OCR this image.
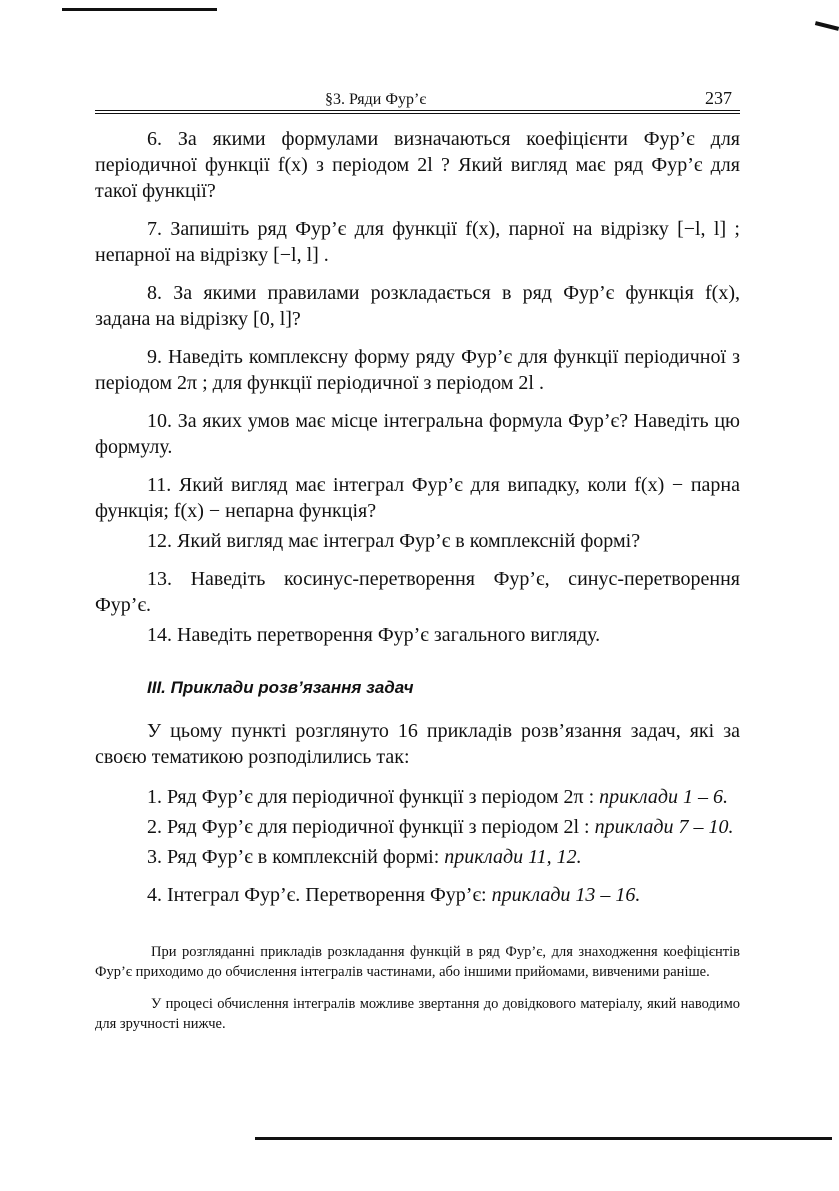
§3. Ряди Фур’є	237

6. За якими формулами визначаються коефіцієнти Фур’є для періодичної функції f(x) з періодом 2l ? Який вигляд має ряд Фур’є для такої функції?

7. Запишіть ряд Фур’є для функції f(x), парної на відрізку [−l, l] ; непарної на відрізку [−l, l] .

8. За якими правилами розкладається в ряд Фур’є функція f(x), задана на відрізку [0, l]?

9. Наведіть комплексну форму ряду Фур’є для функції періодичної з періодом 2π ; для функції періодичної з періодом 2l .

10. За яких умов має місце інтегральна формула Фур’є? Наведіть цю формулу.

11. Який вигляд має інтеграл Фур’є для випадку, коли f(x) − парна функція; f(x) − непарна функція?

12. Який вигляд має інтеграл Фур’є в комплексній формі?

13. Наведіть косинус-перетворення Фур’є, синус-перетворення Фур’є.

14. Наведіть перетворення Фур’є загального вигляду.

III. Приклади розв’язання задач

У цьому пункті розглянуто 16 прикладів розв’язання задач, які за своєю тематикою розподілились так:

1. Ряд Фур’є для періодичної функції з періодом 2π : приклади 1 – 6.

2. Ряд Фур’є для періодичної функції з періодом 2l : приклади 7 – 10.

3. Ряд Фур’є в комплексній формі: приклади 11, 12.

4. Інтеграл Фур’є. Перетворення Фур’є: приклади 13 – 16.

При розгляданні прикладів розкладання функцій в ряд Фур’є, для знаходження коефіцієнтів Фур’є приходимо до обчислення інтегралів частинами, або іншими прийомами, вивченими раніше.

У процесі обчислення інтегралів можливе звертання до довідкового матеріалу, який наводимо для зручності нижче.
